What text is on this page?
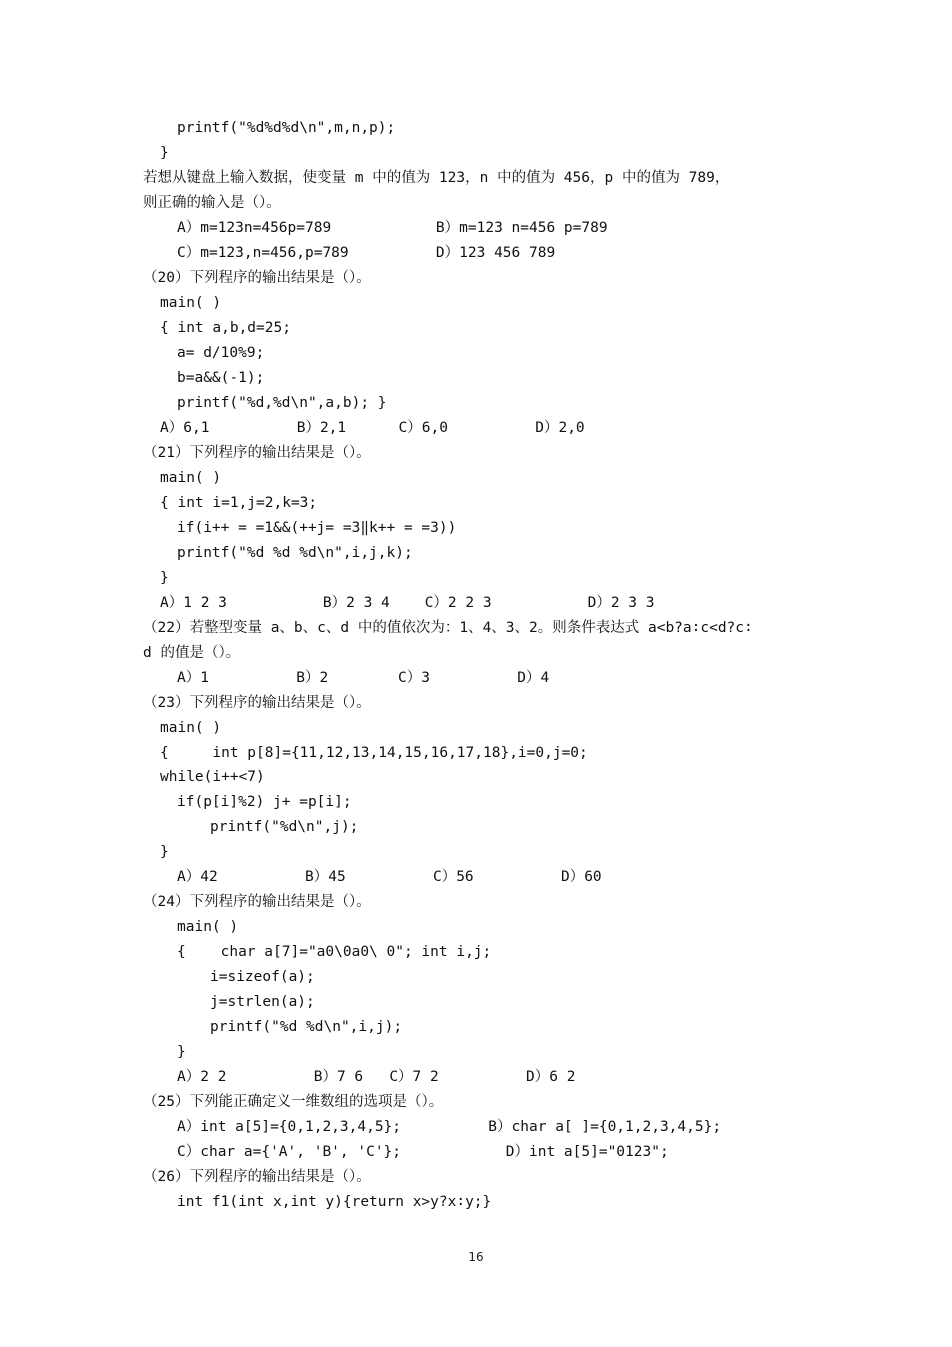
printf("%d%d%d\n",m,n,p);
}
若想从键盘上输入数据，使变量 m 中的值为 123，n 中的值为 456，p 中的值为 789，
则正确的输入是（）。
A）m=123n=456p=789            B）m=123 n=456 p=789
C）m=123,n=456,p=789          D）123 456 789
（20）下列程序的输出结果是（）。
main( )
{ int a,b,d=25;
a= d/10%9;
b=a&&(-1);
printf("%d,%d\n",a,b); }
A）6,1          B）2,1      C）6,0          D）2,0
（21）下列程序的输出结果是（）。
main( )
{ int i=1,j=2,k=3;
if(i++ = =1&&(++j= =3‖k++ = =3))
printf("%d %d %d\n",i,j,k);
}
A）1 2 3           B）2 3 4    C）2 2 3           D）2 3 3
（22）若整型变量 a、b、c、d 中的值依次为：1、4、3、2。则条件表达式 a<b?a∶c<d?c∶
d 的值是（）。
A）1          B）2        C）3          D）4
（23）下列程序的输出结果是（）。
main( )
{     int p[8]={11,12,13,14,15,16,17,18},i=0,j=0;
while(i++<7)
if(p[i]%2) j+ =p[i];
printf("%d\n",j);
}
A）42          B）45          C）56          D）60
（24）下列程序的输出结果是（）。
main( )
{    char a[7]="a0\0a0\ 0"; int i,j;
i=sizeof(a);
j=strlen(a);
printf("%d %d\n",i,j);
}
A）2 2          B）7 6   C）7 2          D）6 2
（25）下列能正确定义一维数组的选项是（）。
A）int a[5]={0,1,2,3,4,5};          B）char a[ ]={0,1,2,3,4,5};
C）char a={'A', 'B', 'C'};            D）int a[5]="0123";
（26）下列程序的输出结果是（）。
int f1(int x,int y){return x>y?x∶y;}
16
